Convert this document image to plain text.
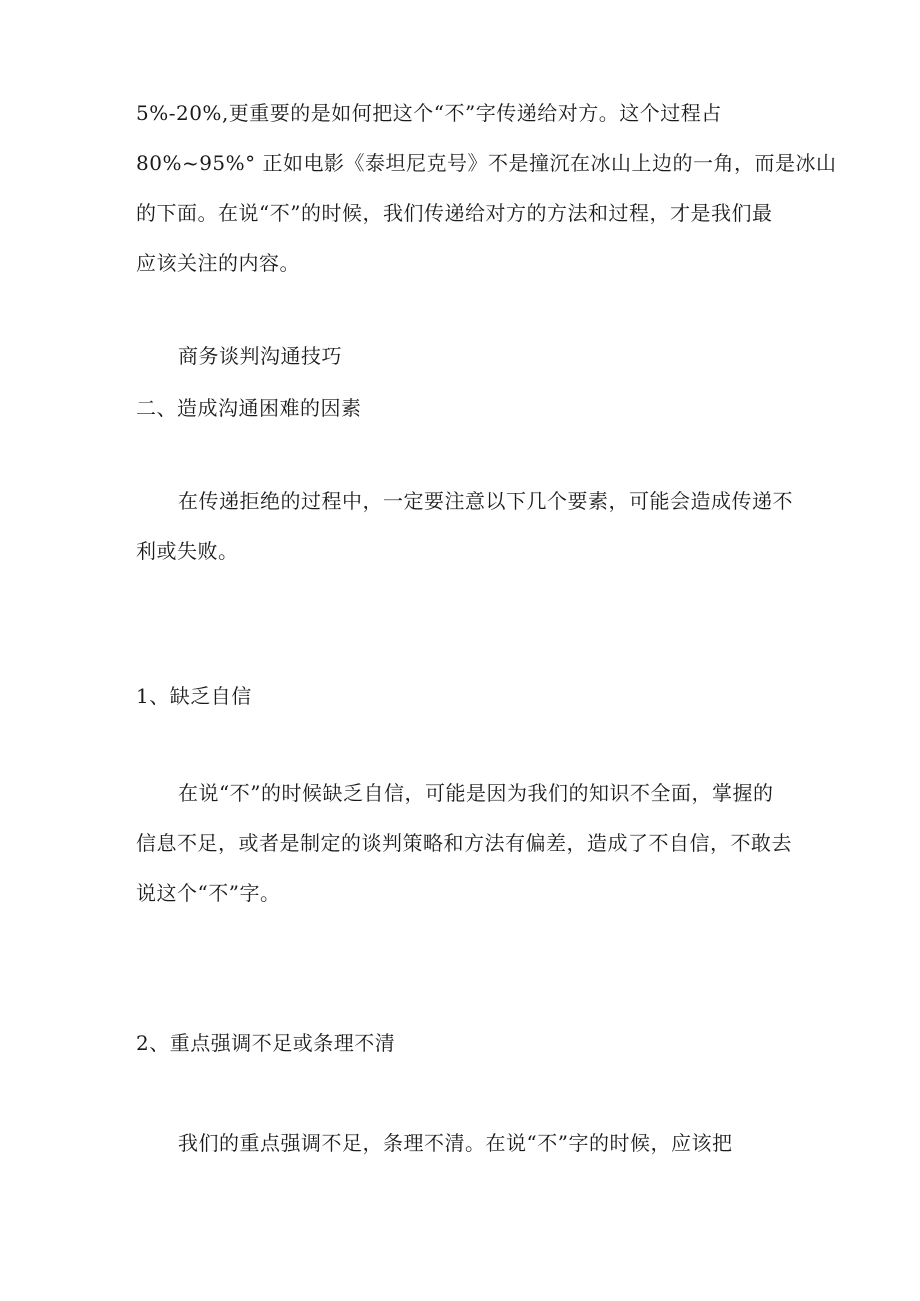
5%-20%,更重要的是如何把这个“不”字传递给对方。这个过程占
80%~95%° 正如电影《泰坦尼克号》不是撞沉在冰山上边的一角，而是冰山
的下面。在说“不”的时候，我们传递给对方的方法和过程，才是我们最
应该关注的内容。
商务谈判沟通技巧
二、造成沟通困难的因素
在传递拒绝的过程中，一定要注意以下几个要素，可能会造成传递不
利或失败。
1、缺乏自信
在说“不”的时候缺乏自信，可能是因为我们的知识不全面，掌握的
信息不足，或者是制定的谈判策略和方法有偏差，造成了不自信，不敢去
说这个“不”字。
2、重点强调不足或条理不清
我们的重点强调不足，条理不清。在说“不”字的时候，应该把
